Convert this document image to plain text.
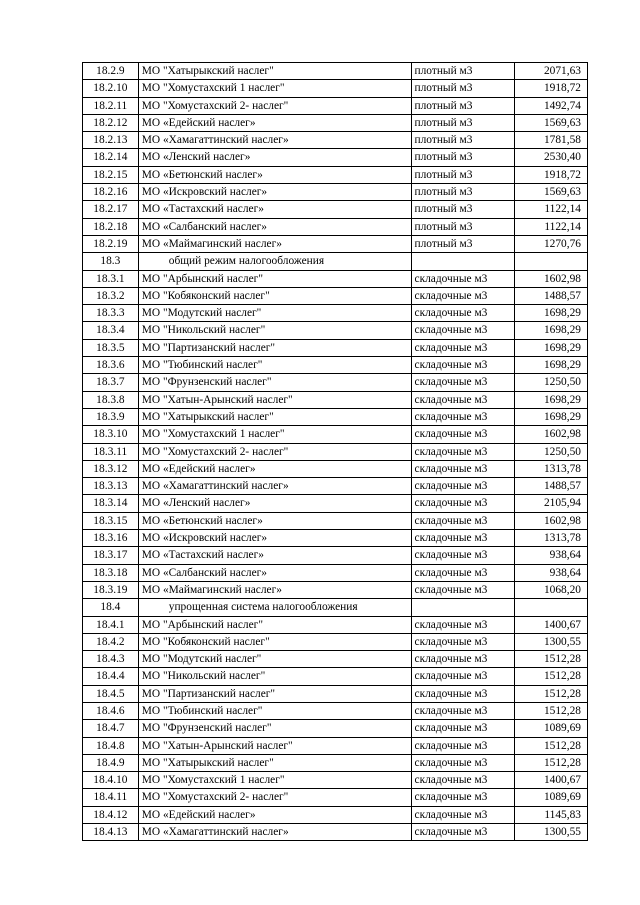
18.2.9	МО "Хатырыкский наслег"	плотный м3	2071,63
18.2.10	МО "Хомустахский 1 наслег"	плотный м3	1918,72
18.2.11	МО "Хомустахский 2- наслег"	плотный м3	1492,74
18.2.12	МО «Едейский наслег»	плотный м3	1569,63
18.2.13	МО «Хамагаттинский наслег»	плотный м3	1781,58
18.2.14	МО «Ленский наслег»	плотный м3	2530,40
18.2.15	МО «Бетюнский наслег»	плотный м3	1918,72
18.2.16	МО «Искровский наслег»	плотный м3	1569,63
18.2.17	МО «Тастахский наслег»	плотный м3	1122,14
18.2.18	МО «Салбанский наслег»	плотный м3	1122,14
18.2.19	МО «Маймагинский наслег»	плотный м3	1270,76
18.3	общий режим налогообложения		
18.3.1	МО "Арбынский наслег"	складочные м3	1602,98
18.3.2	МО "Кобяконский наслег"	складочные м3	1488,57
18.3.3	МО "Модутский наслег"	складочные м3	1698,29
18.3.4	МО "Никольский наслег"	складочные м3	1698,29
18.3.5	МО "Партизанский наслег"	складочные м3	1698,29
18.3.6	МО "Тюбинский наслег"	складочные м3	1698,29
18.3.7	МО "Фрунзенский наслег"	складочные м3	1250,50
18.3.8	МО "Хатын-Арынский наслег"	складочные м3	1698,29
18.3.9	МО "Хатырыкский наслег"	складочные м3	1698,29
18.3.10	МО "Хомустахский 1 наслег"	складочные м3	1602,98
18.3.11	МО "Хомустахский 2- наслег"	складочные м3	1250,50
18.3.12	МО «Едейский наслег»	складочные м3	1313,78
18.3.13	МО «Хамагаттинский наслег»	складочные м3	1488,57
18.3.14	МО «Ленский наслег»	складочные м3	2105,94
18.3.15	МО «Бетюнский наслег»	складочные м3	1602,98
18.3.16	МО «Искровский наслег»	складочные м3	1313,78
18.3.17	МО «Тастахский наслег»	складочные м3	938,64
18.3.18	МО «Салбанский наслег»	складочные м3	938,64
18.3.19	МО «Маймагинский наслег»	складочные м3	1068,20
18.4	упрощенная система налогообложения		
18.4.1	МО "Арбынский наслег"	складочные м3	1400,67
18.4.2	МО "Кобяконский наслег"	складочные м3	1300,55
18.4.3	МО "Модутский наслег"	складочные м3	1512,28
18.4.4	МО "Никольский наслег"	складочные м3	1512,28
18.4.5	МО "Партизанский наслег"	складочные м3	1512,28
18.4.6	МО "Тюбинский наслег"	складочные м3	1512,28
18.4.7	МО "Фрунзенский наслег"	складочные м3	1089,69
18.4.8	МО "Хатын-Арынский наслег"	складочные м3	1512,28
18.4.9	МО "Хатырыкский наслег"	складочные м3	1512,28
18.4.10	МО "Хомустахский 1 наслег"	складочные м3	1400,67
18.4.11	МО "Хомустахский 2- наслег"	складочные м3	1089,69
18.4.12	МО «Едейский наслег»	складочные м3	1145,83
18.4.13	МО «Хамагаттинский наслег»	складочные м3	1300,55
